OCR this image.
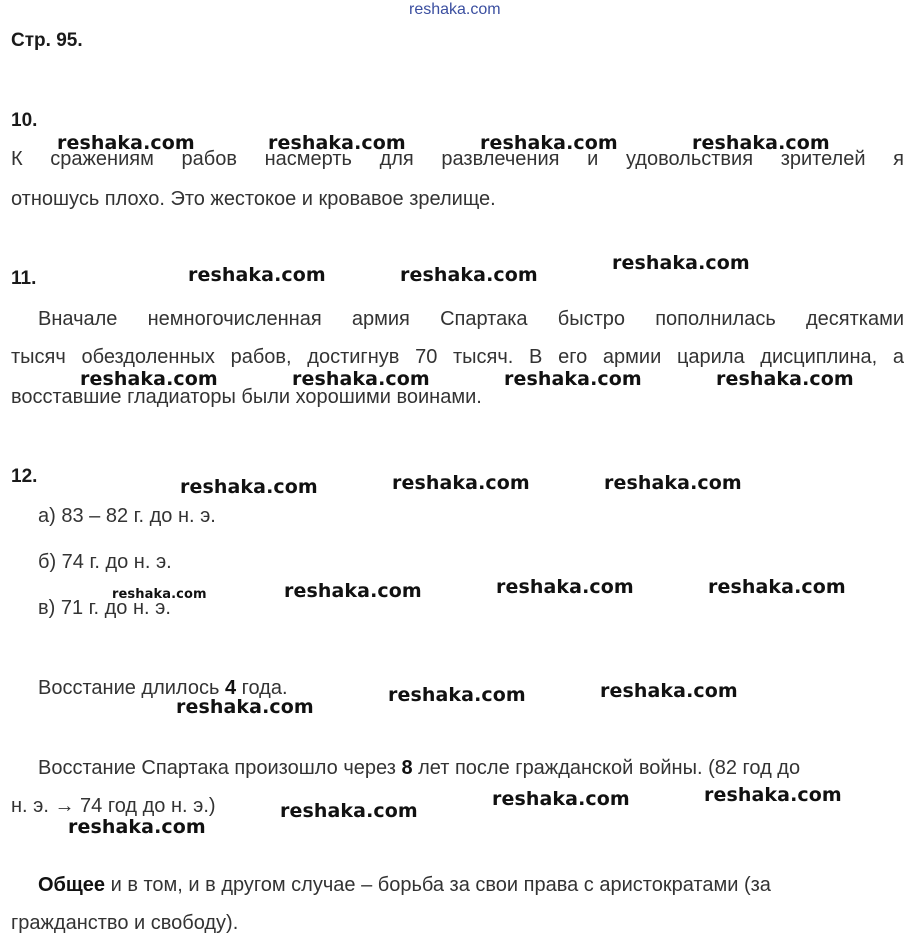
reshaka.com
Стр. 95.
10.
К сражениям рабов насмерть для развлечения и удовольствия зрителей я
отношусь плохо. Это жестокое и кровавое зрелище.
11.
Вначале немногочисленная армия Спартака быстро пополнилась десятками
тысяч обездоленных рабов, достигнув 70 тысяч. В его армии царила дисциплина, а
восставшие гладиаторы были хорошими воинами.
12.
а) 83 – 82 г. до н. э.
б) 74 г. до н. э.
в) 71 г. до н. э.
Восстание длилось 4 года.
Восстание Спартака произошло через 8 лет после гражданской войны. (82 год до
н. э. → 74 год до н. э.)
Общее и в том, и в другом случае – борьба за свои права с аристократами (за
гражданство и свободу).
reshaka.com	reshaka.com	reshaka.com	reshaka.com
reshaka.com	reshaka.com
reshaka.com
reshaka.com	reshaka.com	reshaka.com	reshaka.com
reshaka.com	reshaka.com	reshaka.com
reshaka.com	reshaka.com	reshaka.com	reshaka.com
reshaka.com	reshaka.com
reshaka.com
reshaka.com
reshaka.com	reshaka.com
reshaka.com
